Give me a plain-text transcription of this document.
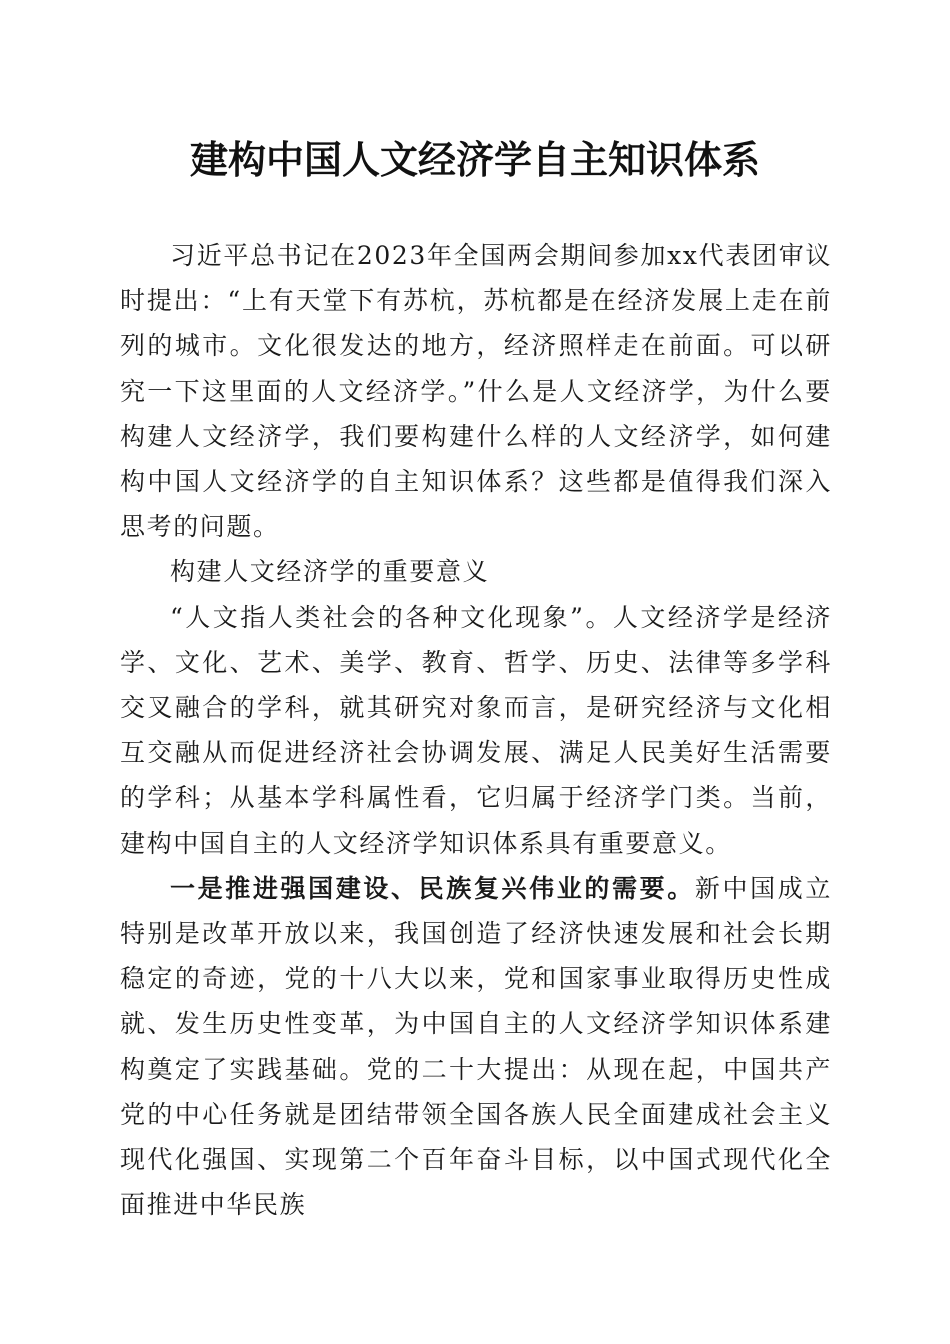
建构中国人文经济学自主知识体系

习近平总书记在2023年全国两会期间参加xx代表团审议时提出：“上有天堂下有苏杭，苏杭都是在经济发展上走在前列的城市。文化很发达的地方，经济照样走在前面。可以研究一下这里面的人文经济学。”什么是人文经济学，为什么要构建人文经济学，我们要构建什么样的人文经济学，如何建构中国人文经济学的自主知识体系？这些都是值得我们深入思考的问题。

构建人文经济学的重要意义

“人文指人类社会的各种文化现象”。人文经济学是经济学、文化、艺术、美学、教育、哲学、历史、法律等多学科交叉融合的学科，就其研究对象而言，是研究经济与文化相互交融从而促进经济社会协调发展、满足人民美好生活需要的学科；从基本学科属性看，它归属于经济学门类。当前，建构中国自主的人文经济学知识体系具有重要意义。

一是推进强国建设、民族复兴伟业的需要。新中国成立特别是改革开放以来，我国创造了经济快速发展和社会长期稳定的奇迹，党的十八大以来，党和国家事业取得历史性成就、发生历史性变革，为中国自主的人文经济学知识体系建构奠定了实践基础。党的二十大提出：从现在起，中国共产党的中心任务就是团结带领全国各族人民全面建成社会主义现代化强国、实现第二个百年奋斗目标，以中国式现代化全面推进中华民族
